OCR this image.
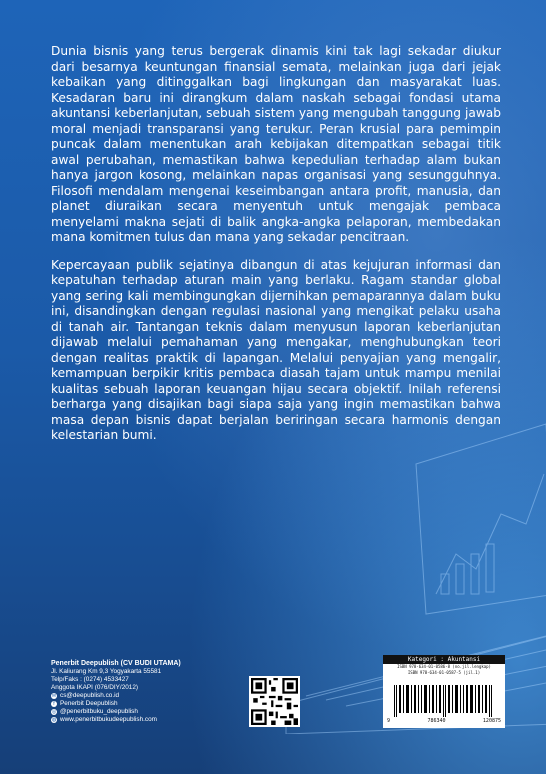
Dunia bisnis yang terus bergerak dinamis kini tak lagi sekadar diukur dari besarnya keuntungan finansial semata, melainkan juga dari jejak kebaikan yang ditinggalkan bagi lingkungan dan masyarakat luas. Kesadaran baru ini dirangkum dalam naskah sebagai fondasi utama akuntansi keberlanjutan, sebuah sistem yang mengubah tanggung jawab moral menjadi transparansi yang terukur. Peran krusial para pemimpin puncak dalam menentukan arah kebijakan ditempatkan sebagai titik awal perubahan, memastikan bahwa kepedulian terhadap alam bukan hanya jargon kosong, melainkan napas organisasi yang sesungguhnya. Filosofi mendalam mengenai keseimbangan antara profit, manusia, dan planet diuraikan secara menyentuh untuk mengajak pembaca menyelami makna sejati di balik angka-angka pelaporan, membedakan mana komitmen tulus dan mana yang sekadar pencitraan.

Kepercayaan publik sejatinya dibangun di atas kejujuran informasi dan kepatuhan terhadap aturan main yang berlaku. Ragam standar global yang sering kali membingungkan dijernihkan pemaparannya dalam buku ini, disandingkan dengan regulasi nasional yang mengikat pelaku usaha di tanah air. Tantangan teknis dalam menyusun laporan keberlanjutan dijawab melalui pemahaman yang mengakar, menghubungkan teori dengan realitas praktik di lapangan. Melalui penyajian yang mengalir, kemampuan berpikir kritis pembaca diasah tajam untuk mampu menilai kualitas sebuah laporan keuangan hijau secara objektif. Inilah referensi berharga yang disajikan bagi siapa saja yang ingin memastikan bahwa masa depan bisnis dapat berjalan beriringan secara harmonis dengan kelestarian bumi.

Penerbit Deepublish (CV BUDI UTAMA)
Jl. Kaliurang Km 9,3 Yogyakarta 55581
Telp/Faks : (0274) 4533427
Anggota IKAPI (076/DIY/2012)
✉ cs@deepublish.co.id
f Penerbit Deepublish
◎ @penerbitbuku_deepublish
◍ www.penerbitbukudeepublish.com
Kategori : Akuntansi
ISBN 978-634-01-0586-8 (no.jil.lengkap)
ISBN 978-634-01-0587-5 (jil.1)
9	786340	120875
